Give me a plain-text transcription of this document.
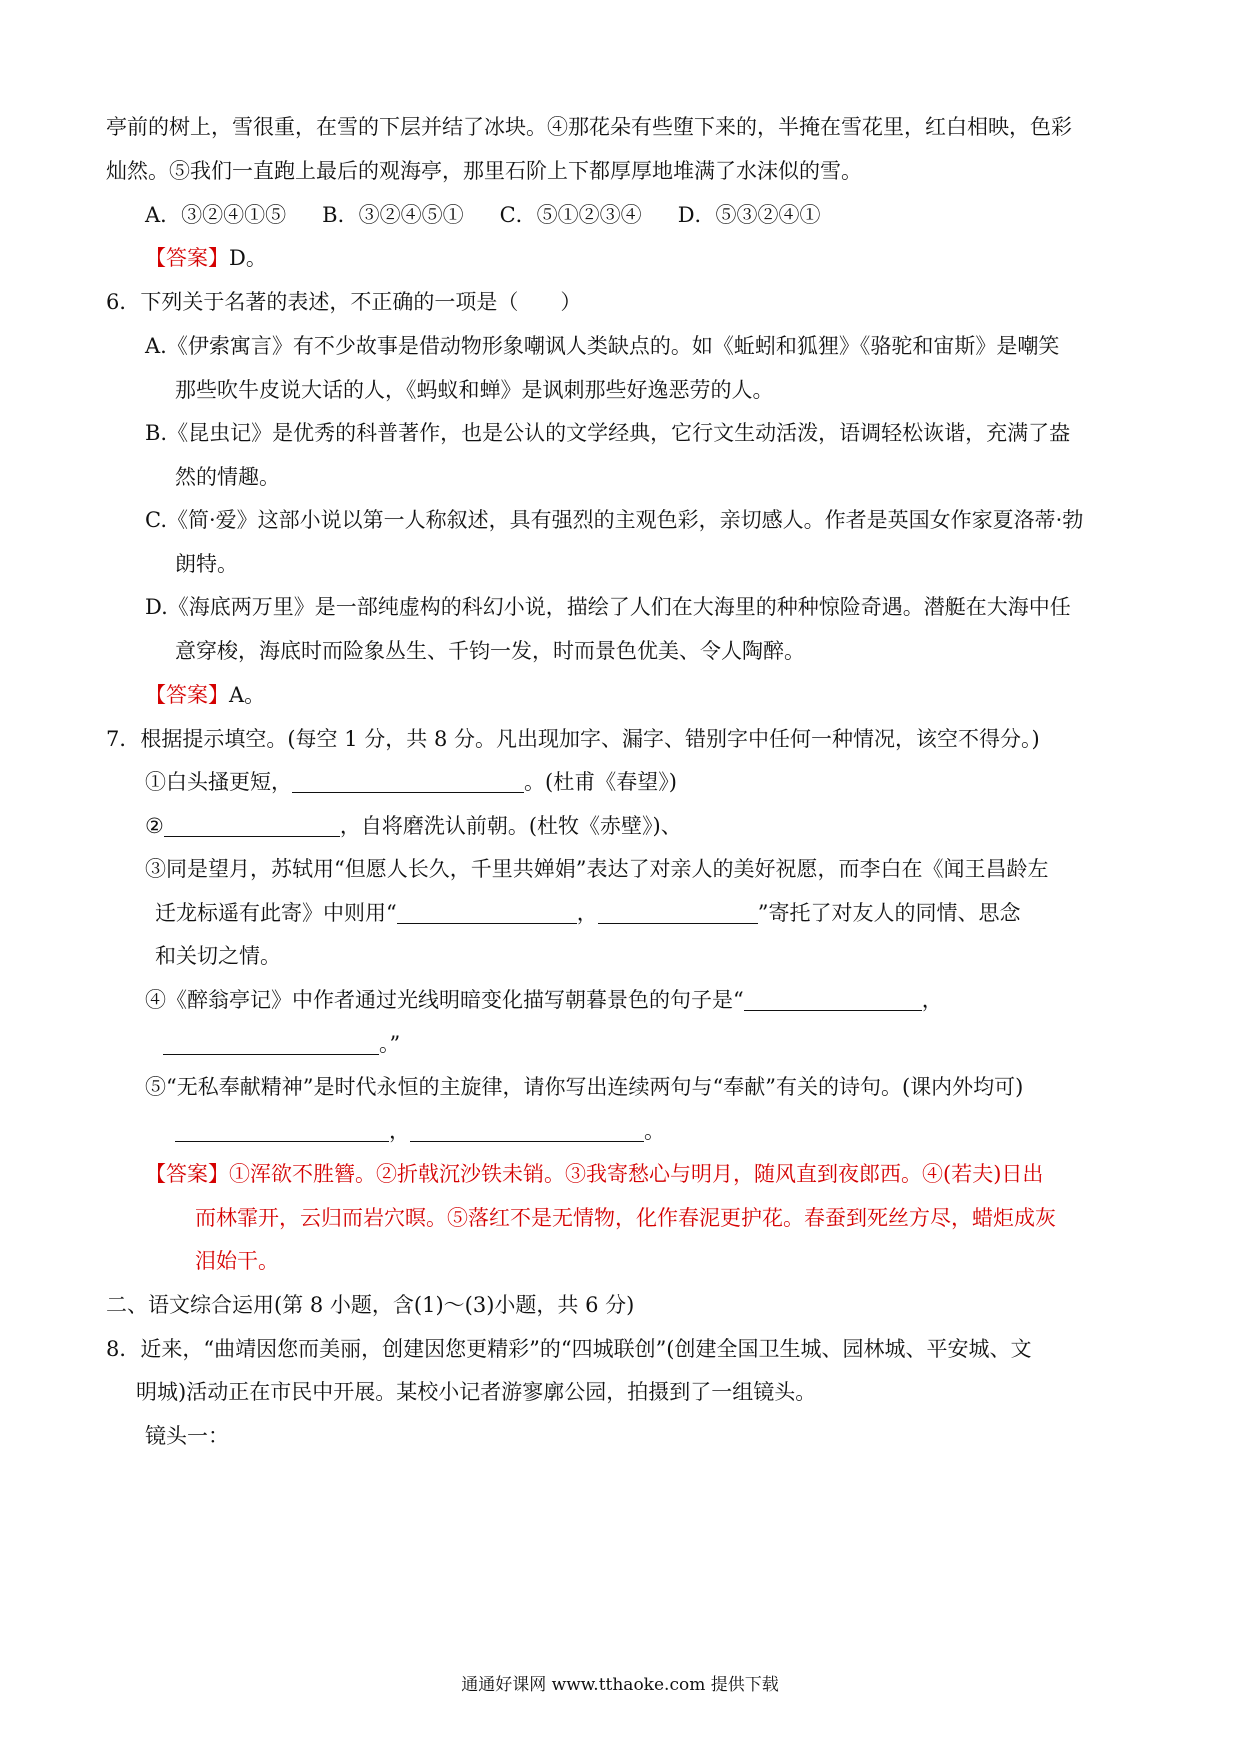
亭前的树上，雪很重，在雪的下层并结了冰块。④那花朵有些堕下来的，半掩在雪花里，红白相映，色彩
灿然。⑤我们一直跑上最后的观海亭，那里石阶上下都厚厚地堆满了水沫似的雪。
A．③②④①⑤ B．③②④⑤① C．⑤①②③④ D．⑤③②④①
【答案】D。
6．下列关于名著的表述，不正确的一项是（　　）
A.《伊索寓言》有不少故事是借动物形象嘲讽人类缺点的。如《蚯蚓和狐狸》《骆驼和宙斯》是嘲笑
那些吹牛皮说大话的人，《蚂蚁和蝉》是讽刺那些好逸恶劳的人。
B.《昆虫记》是优秀的科普著作，也是公认的文学经典，它行文生动活泼，语调轻松诙谐，充满了盎
然的情趣。
C.《简·爱》这部小说以第一人称叙述，具有强烈的主观色彩，亲切感人。作者是英国女作家夏洛蒂·勃
朗特。
D.《海底两万里》是一部纯虚构的科幻小说，描绘了人们在大海里的种种惊险奇遇。潜艇在大海中任
意穿梭，海底时而险象丛生、千钧一发，时而景色优美、令人陶醉。
【答案】A。
7．根据提示填空。(每空 1 分，共 8 分。凡出现加字、漏字、错别字中任何一种情况，该空不得分。)
①白头搔更短，	。(杜甫《春望》)
②	，自将磨洗认前朝。(杜牧《赤壁》)、
③同是望月，苏轼用“但愿人长久，千里共婵娟”表达了对亲人的美好祝愿，而李白在《闻王昌龄左
迁龙标遥有此寄》中则用“	，	”寄托了对友人的同情、思念
和关切之情。
④《醉翁亭记》中作者通过光线明暗变化描写朝暮景色的句子是“	，
。”
⑤“无私奉献精神”是时代永恒的主旋律，请你写出连续两句与“奉献”有关的诗句。(课内外均可)
，	。
【答案】①浑欲不胜簪。②折戟沉沙铁未销。③我寄愁心与明月，随风直到夜郎西。④(若夫)日出
而林霏开，云归而岩穴暝。⑤落红不是无情物，化作春泥更护花。春蚕到死丝方尽，蜡炬成灰
泪始干。
二、语文综合运用(第 8 小题，含(1)～(3)小题，共 6 分)
8．近来，“曲靖因您而美丽，创建因您更精彩”的“四城联创”(创建全国卫生城、园林城、平安城、文
明城)活动正在市民中开展。某校小记者游寥廓公园，拍摄到了一组镜头。
镜头一：
通通好课网 www.tthaoke.com 提供下载
